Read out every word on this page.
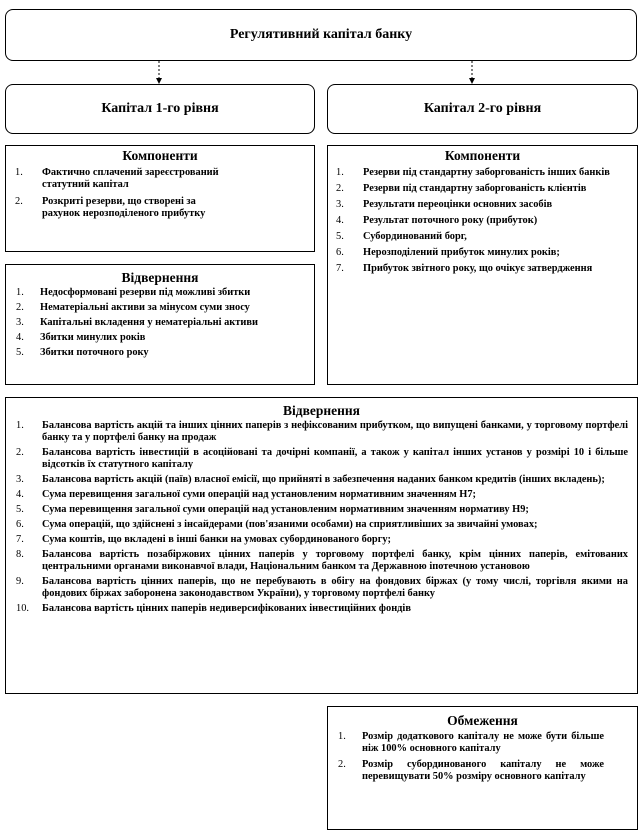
Регулятивний капітал банку
Капітал 1-го рівня	Капітал 2-го рівня
Компоненти
1. Фактично сплачений зареєстрований статутний капітал
2. Розкриті резерви, що створені за рахунок нерозподіленого прибутку
Відвернення
1. Недосформовані резерви під можливі збитки
2. Нематеріальні активи за мінусом суми зносу
3. Капітальні вкладення у нематеріальні активи
4. Збитки минулих років
5. Збитки поточного року
Компоненти
1. Резерви під стандартну заборгованість інших банків
2. Резерви під стандартну заборгованість клієнтів
3. Результати переоцінки основних засобів
4. Результат поточного року (прибуток)
5. Субординований борг,
6. Нерозподілений прибуток минулих років;
7. Прибуток звітного року, що очікує затвердження
Відвернення
1. Балансова вартість акцій та інших цінних паперів з нефіксованим прибутком, що випущені банками, у торговому портфелі банку та у портфелі банку на продаж
2. Балансова вартість інвестицій в асоційовані та дочірні компанії, а також у капітал інших установ у розмірі 10 і більше відсотків їх статутного капіталу
3. Балансова вартість акцій (паїв) власної емісії, що прийняті в забезпечення наданих банком кредитів (інших вкладень);
4. Сума перевищення загальної суми операцій над установленим нормативним значенням Н7;
5. Сума перевищення загальної суми операцій над установленим нормативним значенням нормативу Н9;
6. Сума операцій, що здійснені з інсайдерами (пов'язаними особами) на сприятливіших за звичайні умовах;
7. Сума коштів, що вкладені в інші банки на умовах субординованого боргу;
8. Балансова вартість позабіржових цінних паперів у торговому портфелі банку, крім цінних паперів, емітованих центральними органами виконавчої влади, Національним банком та Державною іпотечною установою
9. Балансова вартість цінних паперів, що не перебувають в обігу на фондових біржах (у тому числі, торгівля якими на фондових біржах заборонена законодавством України), у торговому портфелі банку
10. Балансова вартість цінних паперів недиверсифікованих інвестиційних фондів
Обмеження
1. Розмір додаткового капіталу не може бути більше ніж 100% основного капіталу
2. Розмір субординованого капіталу не може перевищувати 50% розміру основного капіталу
